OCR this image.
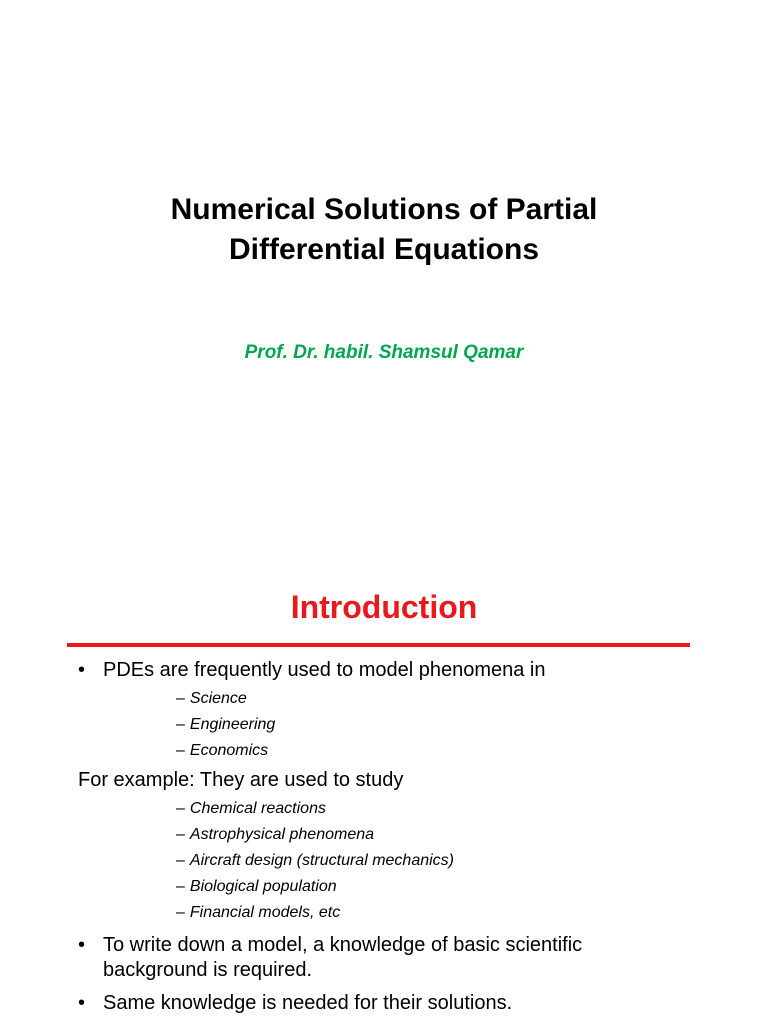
Numerical Solutions of Partial
Differential Equations

Prof. Dr. habil. Shamsul Qamar

Introduction

• PDEs are frequently used to model phenomena in

– Science
– Engineering
– Economics

For example: They are used to study

– Chemical reactions
– Astrophysical phenomena
– Aircraft design (structural mechanics)
– Biological population
– Financial models, etc

• To write down a model, a knowledge of basic scientific background is required.

• Same knowledge is needed for their solutions.
